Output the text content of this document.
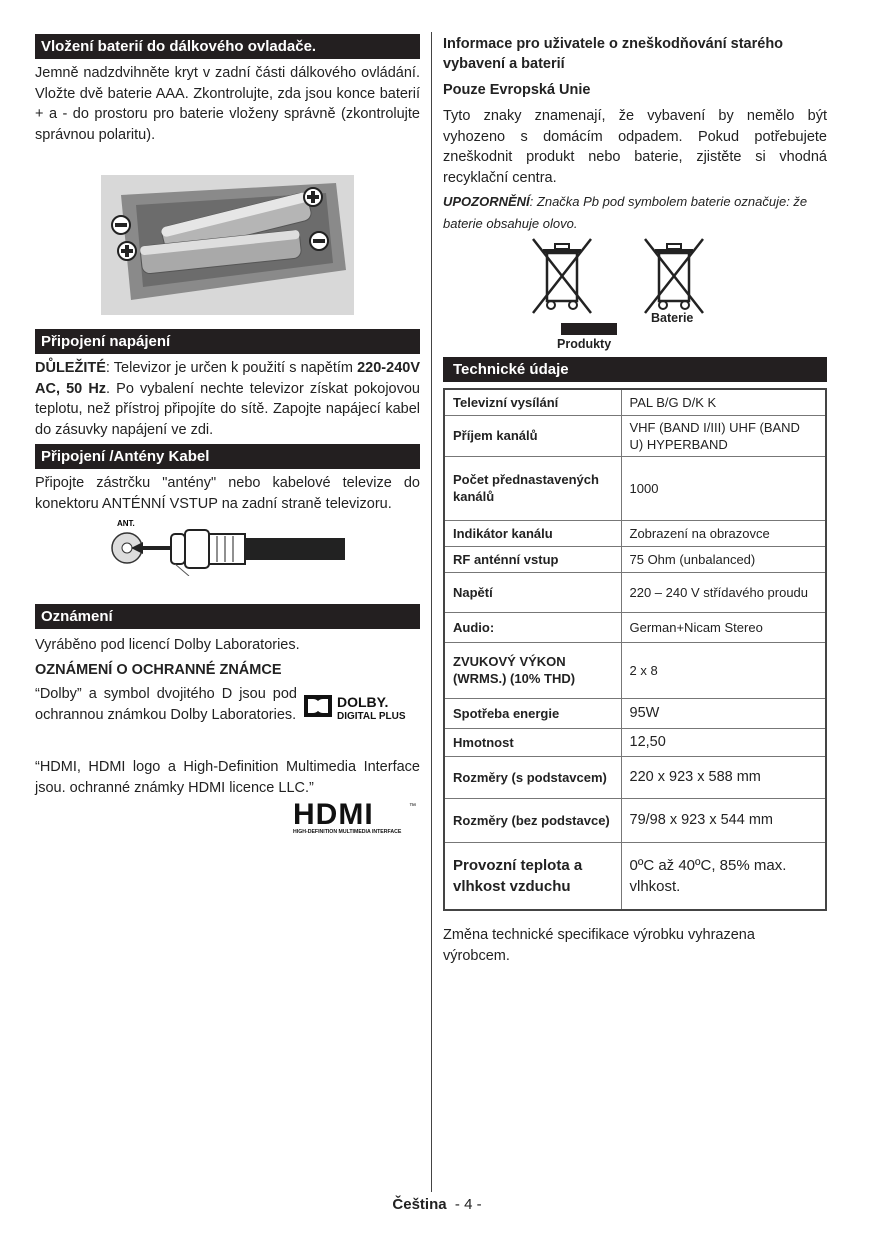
Vložení baterií do dálkového ovladače.

Jemně nadzdvihněte kryt v zadní části dálkového ovládání. Vložte dvě baterie AAA. Zkontrolujte, zda jsou konce baterií + a - do prostoru pro baterie vloženy správně (zkontrolujte správnou polaritu).

Připojení napájení

DŮLEŽITÉ: Televizor je určen k použití s napětím 220-240V AC, 50 Hz. Po vybalení nechte televizor získat pokojovou teplotu, než přístroj připojíte do sítě. Zapojte napájecí kabel do zásuvky napájení ve zdi.

Připojení /Antény Kabel

Připojte zástrčku "antény" nebo kabelové televize do konektoru ANTÉNNÍ VSTUP na zadní straně televizoru.

ANT.
Oznámení

Vyráběno pod licencí Dolby Laboratories.

OZNÁMENÍ O OCHRANNÉ ZNÁMCE

“Dolby” a symbol dvojitého D jsou pod ochrannou známkou Dolby Laboratories.

DOLBY.
DIGITAL PLUS

“HDMI, HDMI logo a High-Definition Multimedia Interface jsou. ochranné známky HDMI licence LLC.”

HDMI	™
HIGH-DEFINITION MULTIMEDIA INTERFACE

Informace pro uživatele o zneškodňování starého vybavení a baterií

Pouze Evropská Unie

Tyto znaky znamenají, že vybavení by nemělo být vyhozeno s domácím odpadem. Pokud potřebujete zneškodnit produkt nebo baterie, zjistěte si vhodná recyklační centra.

UPOZORNĚNÍ: Značka Pb pod symbolem baterie označuje: že baterie obsahuje olovo.

Baterie
Produkty
Technické údaje
Televizní vysílání	PAL B/G D/K K
Příjem kanálů	VHF (BAND I/III) UHF (BAND U) HYPERBAND
Počet přednastavených kanálů	1000
Indikátor kanálu	Zobrazení na obrazovce
RF anténní vstup	75 Ohm (unbalanced)
Napětí	220 – 240 V střídavého proudu
Audio:	German+Nicam Stereo
ZVUKOVÝ VÝKON (WRMS.) (10% THD)	2 x 8
Spotřeba energie	95W
Hmotnost	12,50
Rozměry (s podstavcem)	220 x 923 x 588 mm
Rozměry (bez podstavce)	79/98 x 923 x 544 mm
Provozní teplota a vlhkost vzduchu	0ºC až 40ºC, 85% max. vlhkost.

Změna technické specifikace výrobku vyhrazena výrobcem.

Čeština - 4 -
